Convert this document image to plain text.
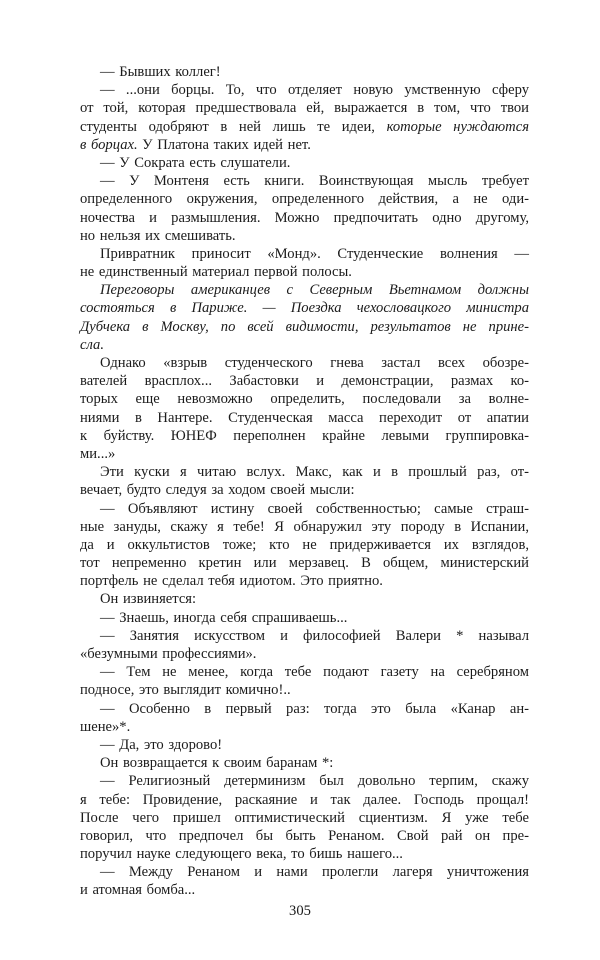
— Бывших коллег!
— ...они борцы. То, что отделяет новую умственную сферу
от той, которая предшествовала ей, выражается в том, что твои
студенты одобряют в ней лишь те идеи, которые нуждаются
в борцах. У Платона таких идей нет.
— У Сократа есть слушатели.
— У Монтеня есть книги. Воинствующая мысль требует
определенного окружения, определенного действия, а не оди-
ночества и размышления. Можно предпочитать одно другому,
но нельзя их смешивать.
Привратник приносит «Монд». Студенческие волнения —
не единственный материал первой полосы.
Переговоры американцев с Северным Вьетнамом должны
состояться в Париже. — Поездка чехословацкого министра
Дубчека в Москву, по всей видимости, результатов не прине-
сла.
Однако «взрыв студенческого гнева застал всех обозре-
вателей врасплох... Забастовки и демонстрации, размах ко-
торых еще невозможно определить, последовали за волне-
ниями в Нантере. Студенческая масса переходит от апатии
к буйству. ЮНЕФ переполнен крайне левыми группировка-
ми...»
Эти куски я читаю вслух. Макс, как и в прошлый раз, от-
вечает, будто следуя за ходом своей мысли:
— Объявляют истину своей собственностью; самые страш-
ные зануды, скажу я тебе! Я обнаружил эту породу в Испании,
да и оккультистов тоже; кто не придерживается их взглядов,
тот непременно кретин или мерзавец. В общем, министерский
портфель не сделал тебя идиотом. Это приятно.
Он извиняется:
— Знаешь, иногда себя спрашиваешь...
— Занятия искусством и философией Валери * называл
«безумными профессиями».
— Тем не менее, когда тебе подают газету на серебряном
подносе, это выглядит комично!..
— Особенно в первый раз: тогда это была «Канар ан-
шене»*.
— Да, это здорово!
Он возвращается к своим баранам *:
— Религиозный детерминизм был довольно терпим, скажу
я тебе: Провидение, раскаяние и так далее. Господь прощал!
После чего пришел оптимистический сциентизм. Я уже тебе
говорил, что предпочел бы быть Ренаном. Свой рай он пре-
поручил науке следующего века, то бишь нашего...
— Между Ренаном и нами пролегли лагеря уничтожения
и атомная бомба...
305
